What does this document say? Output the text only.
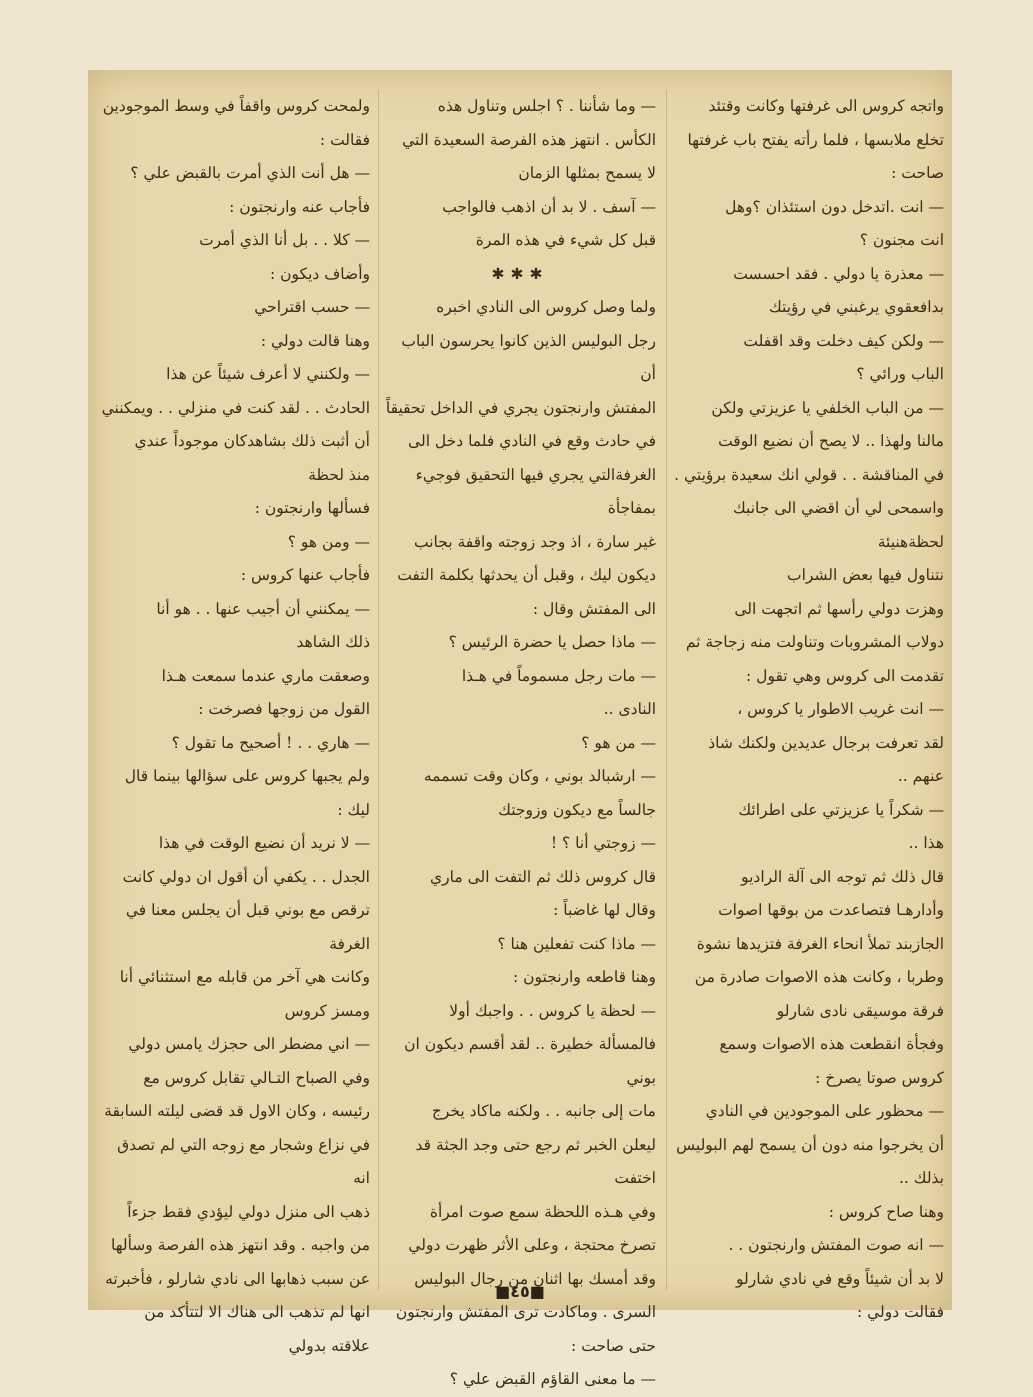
واتجه كروس الى غرفتها وكانت وقتئد

تخلع ملابسها ، فلما رأته يفتح باب غرفتها

صاحت :

— انت .اتدخل دون استئذان ؟وهل

انت مجنون ؟

— معذرة يا دولي . فقد احسست

بدافعقوي يرغبني في رؤيتك

— ولكن كيف دخلت وقد اقفلت

الباب ورائي ؟

— من الباب الخلفي يا عزيزتي ولكن

مالنا ولهذا .. لا يصح أن نضيع الوقت

في المناقشة . . قولي انك سعيدة برؤيتي .

واسمحى لي أن اقضي الى جانبك لحظةهنيئة

نتناول فيها بعض الشراب

وهزت دولي رأسها ثم اتجهت الى

دولاب المشروبات وتناولت منه زجاجة ثم

تقدمت الى كروس وهي تقول :

— انت غريب الاطوار يا كروس ،

لقد تعرفت برجال عديدين ولكنك شاذ

عنهم ..

— شكراً يا عزيزتي على اطرائك

هذا ..

قال ذلك ثم توجه الى آلة الراديو

وأدارهـا فتصاعدت من بوقها اصوات

الجازبند تملأ انحاء الغرفة فتزيدها نشوة

وطربا ، وكانت هذه الاصوات صادرة من

فرقة موسيقى نادى شارلو

وفجأة انقطعت هذه الاصوات وسمع

كروس صوتا يصرخ :

— محظور على الموجودين في النادي

أن يخرجوا منه دون أن يسمح لهم البوليس

بذلك ..

وهنا صاح كروس :

— انه صوت المفتش وارنجتون . .

لا بد أن شيئاً وقع في نادي شارلو

فقالت دولي :

— وما شأننا . ؟ اجلس وتناول هذه

الكأس . انتهز هذه الفرصة السعيدة التي

لا يسمح بمثلها الزمان

— آسف . لا بد أن اذهب فالواجب

قبل كل شيء في هذه المرة

✱✱✱

ولما وصل كروس الى النادي اخبره

رجل البوليس الذين كانوا يحرسون الباب أن

المفتش وارنجتون يجري في الداخل تحقيقاً

في حادث وقع في النادي فلما دخل الى

الغرفةالتي يجري فيها التحقيق فوجيء بمفاجأة

غير سارة ، اذ وجد زوجته واقفة بجانب

ديكون ليك ، وقبل أن يحدثها بكلمة التفت

الى المفتش وقال :

— ماذا حصل يا حضرة الرئيس ؟

— مات رجل مسموماً في هـذا

النادى ..

— من هو ؟

— ارشبالد بوني ، وكان وقت تسممه

جالساً مع ديكون وزوجتك

— زوجتي أنا ؟ !

قال كروس ذلك ثم التفت الى ماري

وقال لها غاضباً :

— ماذا كنت تفعلين هنا ؟

وهنا قاطعه وارنجتون :

— لحظة يا كروس . . واجبك أولا

فالمسألة خطيرة .. لقد أقسم ديكون ان بوني

مات إلى جانبه . . ولكنه ماكاد يخرج

ليعلن الخبر ثم رجع حتى وجد الجثة قد

اختفت

وفي هـذه اللحظة سمع صوت امرأة

تصرخ محتجة ، وعلى الأثر ظهرت دولي

وقد أمسك بها اثنان من رجال البوليس

السرى . وماكادت ترى المفتش وارنجتون

حتى صاحت :

— ما معنى القاؤم القبض علي ؟

ولمحت كروس واقفاً في وسط الموجودين

فقالت :

— هل أنت الذي أمرت بالقبض علي ؟

فأجاب عنه وارنجتون :

— كلا . . بل أنا الذي أمرت

وأضاف ديكون :

— حسب اقتراحي

وهنا قالت دولي :

— ولكنني لا أعرف شيئاً عن هذا

الحادث . . لقد كنت في منزلي . . ويمكنني

أن أثبت ذلك بشاهدكان موجوداً عندي

منذ لحظة

فسألها وارنجتون :

— ومن هو ؟

فأجاب عنها كروس :

— يمكنني أن أجيب عنها . . هو أنا

ذلك الشاهد

وصعقت ماري عندما سمعت هـذا

القول من زوجها فصرخت :

— هاري . . ! أصحيح ما تقول ؟

ولم يجبها كروس على سؤالها بينما قال

ليك :

— لا نريد أن نضيع الوقت في هذا

الجدل . . يكفي أن أقول ان دولي كانت

ترقص مع بوني قبل أن يجلس معنا في الغرفة

وكانت هي آخر من قابله مع استثنائي أنا

ومسز كروس

— اني مضطر الى حجزك يامس دولي

وفي الصباح التـالي تقابل كروس مع

رئيسه ، وكان الاول قد قضى ليلته السابقة

في نزاع وشجار مع زوجه التي لم تصدق انه

ذهب الى منزل دولي ليؤدي فقط جزءاً

من واجبه . وقد انتهز هذه الفرصة وسألها

عن سبب ذهابها الى نادي شارلو ، فأخبرته

انها لم تذهب الى هناك الا لتتأكد من

علاقته بدولي

■٤٥■
